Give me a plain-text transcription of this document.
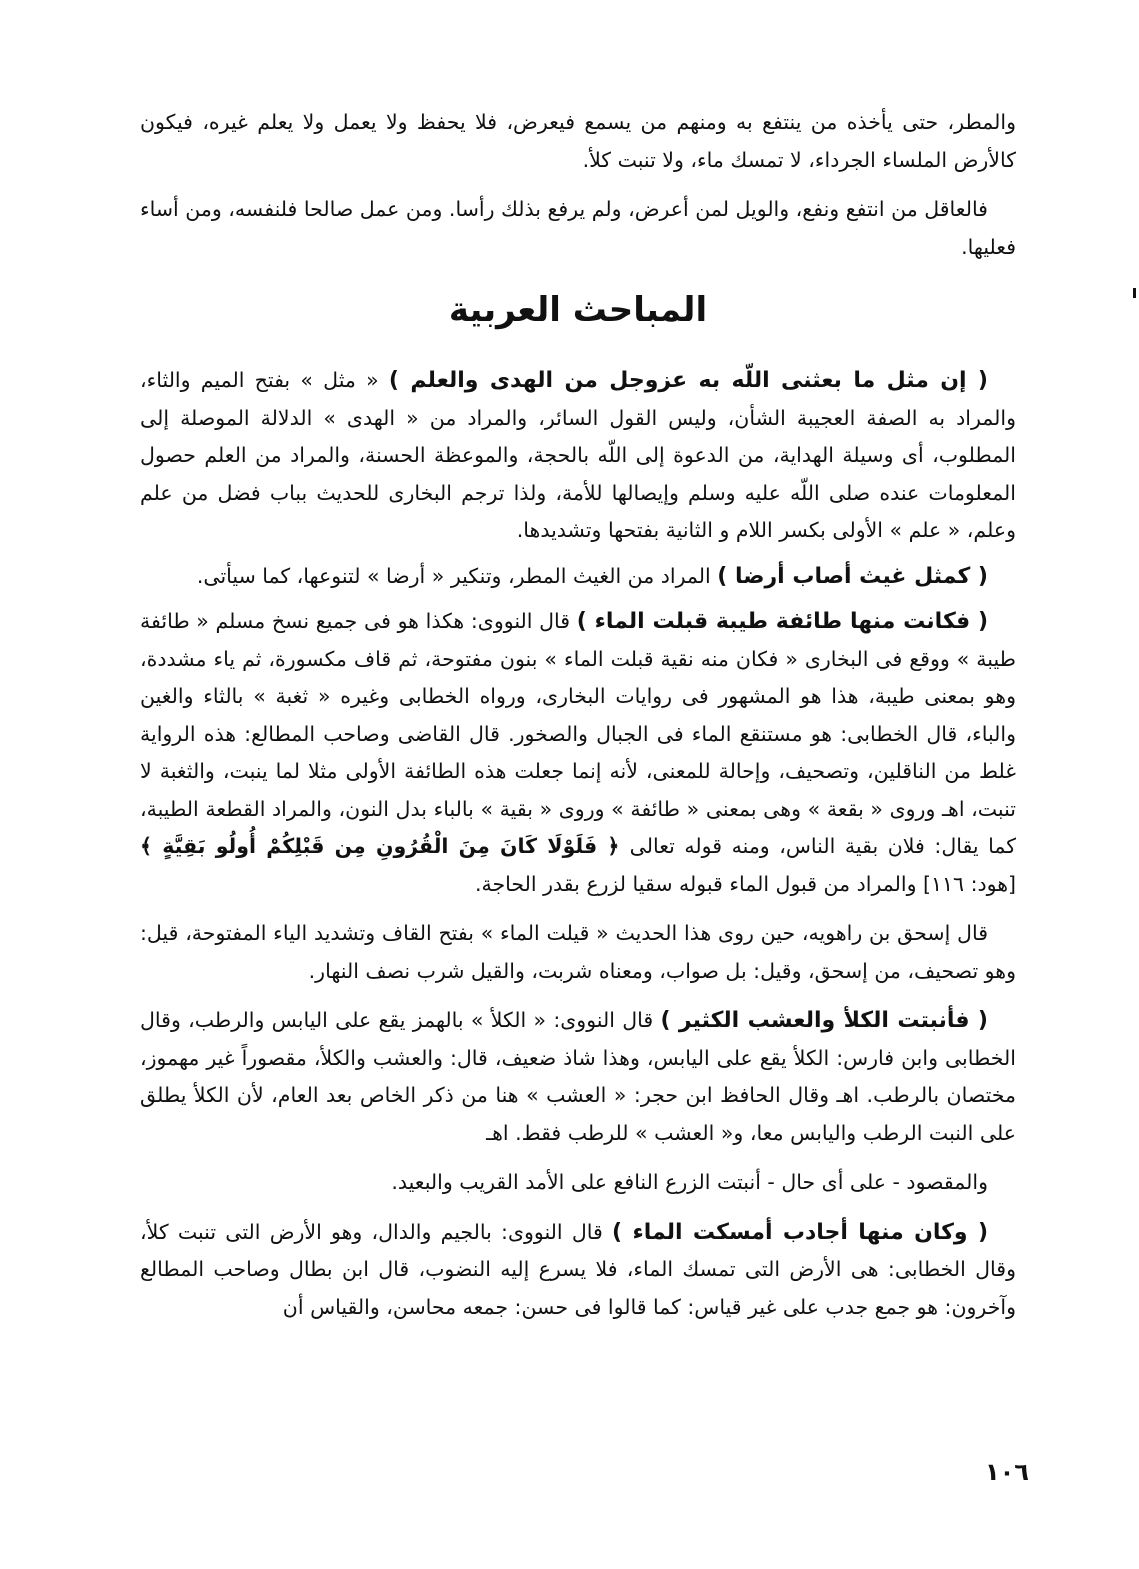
والمطر، حتى يأخذه من ينتفع به ومنهم من يسمع فيعرض، فلا يحفظ ولا يعمل ولا يعلم غيره، فيكون كالأرض الملساء الجرداء، لا تمسك ماء، ولا تنبت كلأ.

فالعاقل من انتفع ونفع، والويل لمن أعرض، ولم يرفع بذلك رأسا. ومن عمل صالحا فلنفسه، ومن أساء فعليها.

المباحث العربية

( إن مثل ما بعثنى اللّه به عزوجل من الهدى والعلم ) « مثل » بفتح الميم والثاء، والمراد به الصفة العجيبة الشأن، وليس القول السائر، والمراد من « الهدى » الدلالة الموصلة إلى المطلوب، أى وسيلة الهداية، من الدعوة إلى اللّه بالحجة، والموعظة الحسنة، والمراد من العلم حصول المعلومات عنده صلى اللّه عليه وسلم وإيصالها للأمة، ولذا ترجم البخارى للحديث بباب فضل من علم وعلم، « علم » الأولى بكسر اللام و الثانية بفتحها وتشديدها.

( كمثل غيث أصاب أرضا ) المراد من الغيث المطر، وتنكير « أرضا » لتنوعها، كما سيأتى.

( فكانت منها طائفة طيبة قبلت الماء ) قال النووى: هكذا هو فى جميع نسخ مسلم « طائفة طيبة » ووقع فى البخارى « فكان منه نقية قبلت الماء » بنون مفتوحة، ثم قاف مكسورة، ثم ياء مشددة، وهو بمعنى طيبة، هذا هو المشهور فى روايات البخارى، ورواه الخطابى وغيره « ثغبة » بالثاء والغين والباء، قال الخطابى: هو مستنقع الماء فى الجبال والصخور. قال القاضى وصاحب المطالع: هذه الرواية غلط من الناقلين، وتصحيف، وإحالة للمعنى، لأنه إنما جعلت هذه الطائفة الأولى مثلا لما ينبت، والثغبة لا تنبت، اهـ وروى « بقعة » وهى بمعنى « طائفة » وروى « بقية » بالباء بدل النون، والمراد القطعة الطيبة، كما يقال: فلان بقية الناس، ومنه قوله تعالى ﴿ فَلَوْلَا كَانَ مِنَ الْقُرُونِ مِن قَبْلِكُمْ أُولُو بَقِيَّةٍ ﴾ [هود: ١١٦] والمراد من قبول الماء قبوله سقيا لزرع بقدر الحاجة.

قال إسحق بن راهويه، حين روى هذا الحديث « قيلت الماء » بفتح القاف وتشديد الياء المفتوحة، قيل: وهو تصحيف، من إسحق، وقيل: بل صواب، ومعناه شربت، والقيل شرب نصف النهار.

( فأنبتت الكلأ والعشب الكثير ) قال النووى: « الكلأ » بالهمز يقع على اليابس والرطب، وقال الخطابى وابن فارس: الكلأ يقع على اليابس، وهذا شاذ ضعيف، قال: والعشب والكلأ، مقصوراً غير مهموز، مختصان بالرطب. اهـ وقال الحافظ ابن حجر: « العشب » هنا من ذكر الخاص بعد العام، لأن الكلأ يطلق على النبت الرطب واليابس معا، و« العشب » للرطب فقط. اهـ

والمقصود - على أى حال - أنبتت الزرع النافع على الأمد القريب والبعيد.

( وكان منها أجادب أمسكت الماء ) قال النووى: بالجيم والدال، وهو الأرض التى تنبت كلأ، وقال الخطابى: هى الأرض التى تمسك الماء، فلا يسرع إليه النضوب، قال ابن بطال وصاحب المطالع وآخرون: هو جمع جدب على غير قياس: كما قالوا فى حسن: جمعه محاسن، والقياس أن

١٠٦
